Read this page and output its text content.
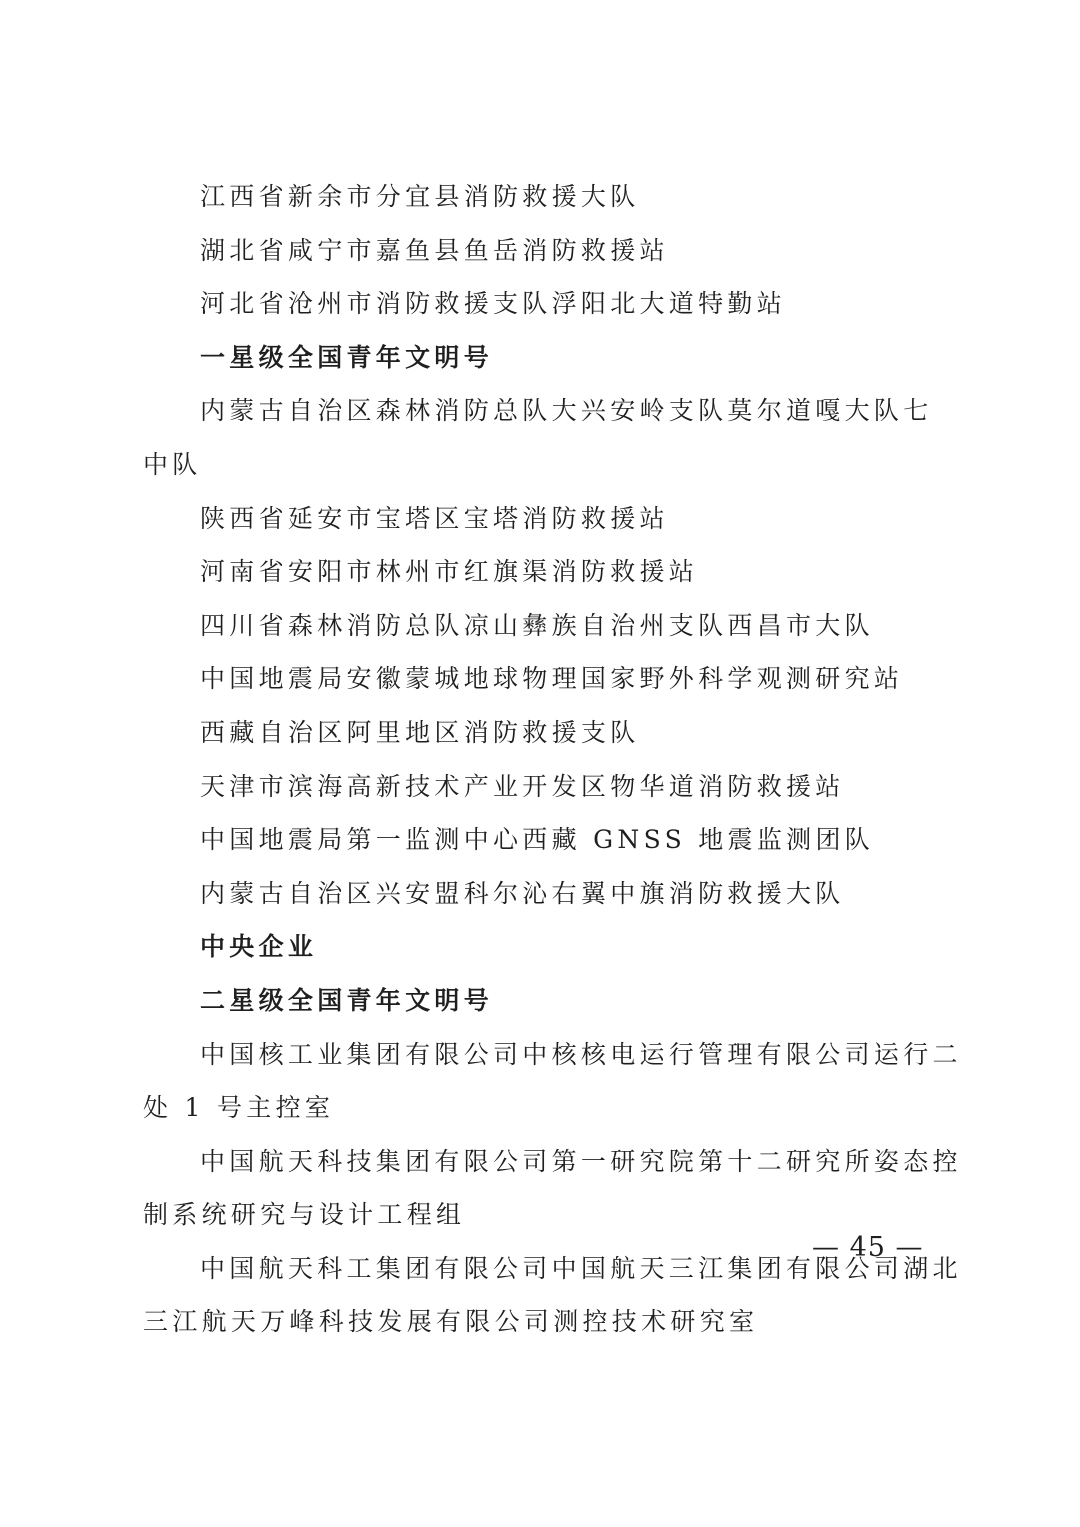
江西省新余市分宜县消防救援大队

湖北省咸宁市嘉鱼县鱼岳消防救援站

河北省沧州市消防救援支队浮阳北大道特勤站

一星级全国青年文明号

内蒙古自治区森林消防总队大兴安岭支队莫尔道嘎大队七

中队

陕西省延安市宝塔区宝塔消防救援站

河南省安阳市林州市红旗渠消防救援站

四川省森林消防总队凉山彝族自治州支队西昌市大队

中国地震局安徽蒙城地球物理国家野外科学观测研究站

西藏自治区阿里地区消防救援支队

天津市滨海高新技术产业开发区物华道消防救援站

中国地震局第一监测中心西藏 GNSS 地震监测团队

内蒙古自治区兴安盟科尔沁右翼中旗消防救援大队

中央企业

二星级全国青年文明号

中国核工业集团有限公司中核核电运行管理有限公司运行二

处 1 号主控室

中国航天科技集团有限公司第一研究院第十二研究所姿态控

制系统研究与设计工程组

中国航天科工集团有限公司中国航天三江集团有限公司湖北

三江航天万峰科技发展有限公司测控技术研究室

— 45 —
